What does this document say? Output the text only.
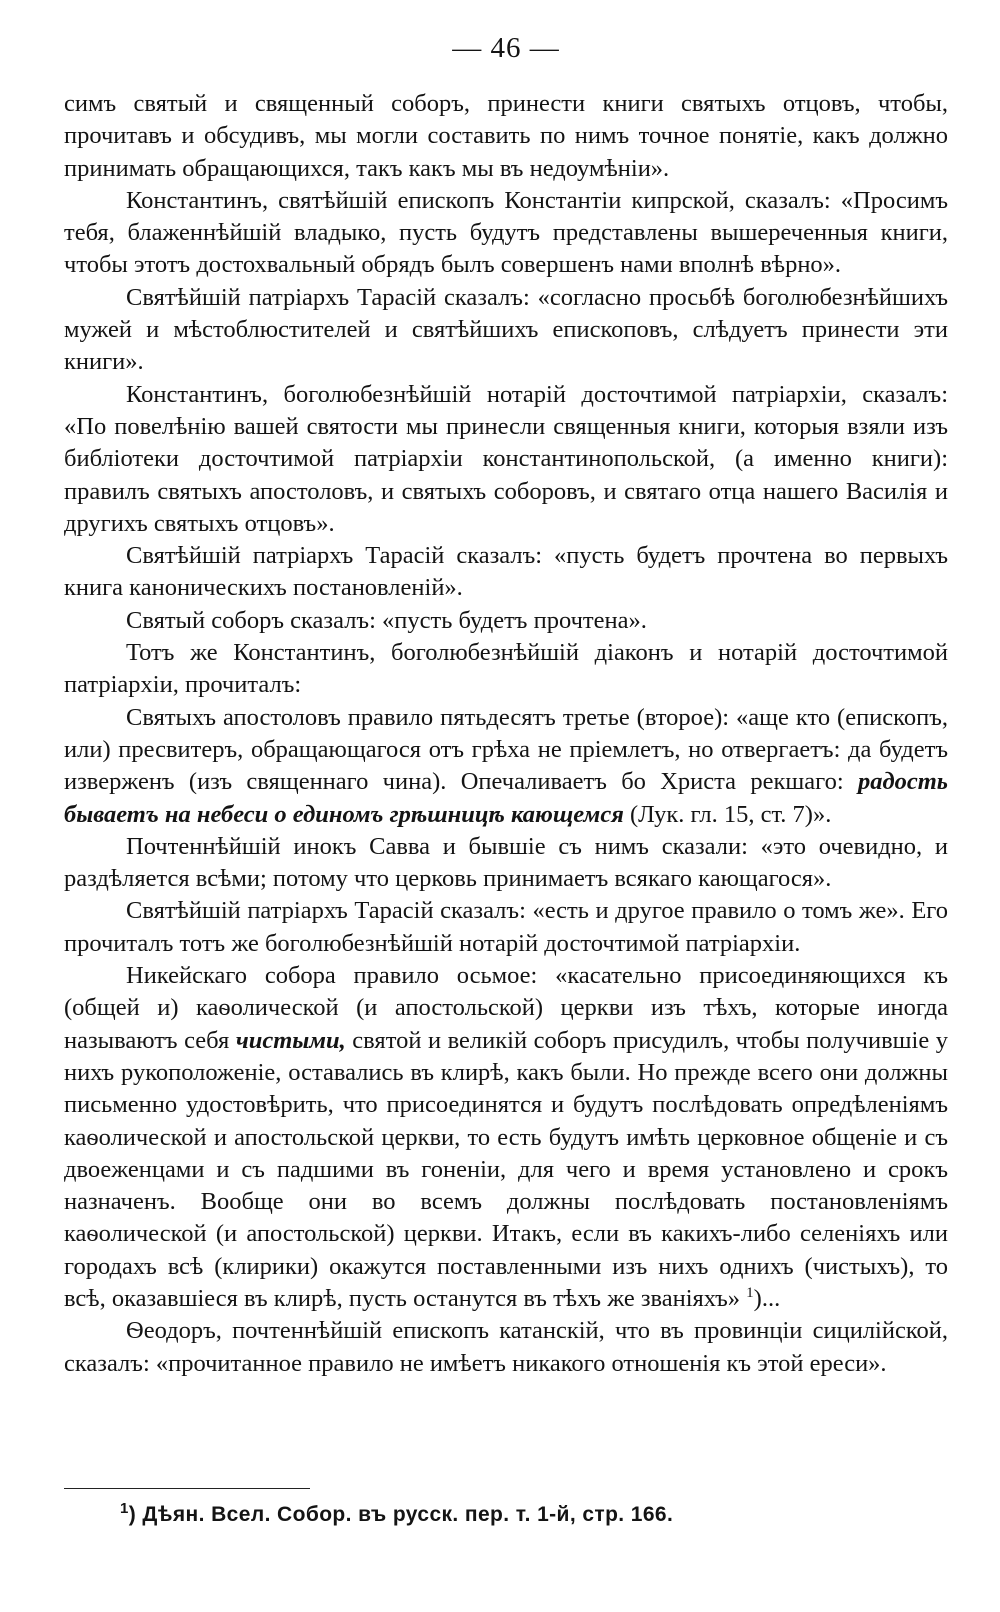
— 46 —

симъ святый и священный соборъ, принести книги святыхъ отцовъ, чтобы, прочитавъ и обсудивъ, мы могли составить по нимъ точное понятіе, какъ должно принимать обращающихся, такъ какъ мы въ недоумѣніи».

Константинъ, святѣйшій епископъ Константіи кипрской, сказалъ: «Просимъ тебя, блаженнѣйшій владыко, пусть будутъ представлены вышереченныя книги, чтобы этотъ достохвальный обрядъ былъ совершенъ нами вполнѣ вѣрно».

Святѣйшій патріархъ Тарасій сказалъ: «согласно просьбѣ боголюбезнѣйшихъ мужей и мѣстоблюстителей и святѣйшихъ епископовъ, слѣдуетъ принести эти книги».

Константинъ, боголюбезнѣйшій нотарій досточтимой патріархіи, сказалъ: «По повелѣнію вашей святости мы принесли священныя книги, которыя взяли изъ библіотеки досточтимой патріархіи константинопольской, (а именно книги): правилъ святыхъ апостоловъ, и святыхъ соборовъ, и святаго отца нашего Василія и другихъ святыхъ отцовъ».

Святѣйшій патріархъ Тарасій сказалъ: «пусть будетъ прочтена во первыхъ книга каноническихъ постановленій».

Святый соборъ сказалъ: «пусть будетъ прочтена».

Тотъ же Константинъ, боголюбезнѣйшій діаконъ и нотарій досточтимой патріархіи, прочиталъ:

Святыхъ апостоловъ правило пятьдесятъ третье (второе): «аще кто (епископъ, или) пресвитеръ, обращающагося отъ грѣха не пріемлетъ, но отвергаетъ: да будетъ изверженъ (изъ священнаго чина). Опечаливаетъ бо Христа рекшаго: радость бываетъ на небеси о единомъ грѣшницѣ кающемся (Лук. гл. 15, ст. 7)».

Почтеннѣйшій инокъ Савва и бывшіе съ нимъ сказали: «это очевидно, и раздѣляется всѣми; потому что церковь принимаетъ всякаго кающагося».

Святѣйшій патріархъ Тарасій сказалъ: «есть и другое правило о томъ же». Его прочиталъ тотъ же боголюбезнѣйшій нотарій досточтимой патріархіи.

Никейскаго собора правило осьмое: «касательно присоединяющихся къ (общей и) каѳолической (и апостольской) церкви изъ тѣхъ, которые иногда называютъ себя чистыми, святой и великій соборъ присудилъ, чтобы получившіе у нихъ рукоположеніе, оставались въ клирѣ, какъ были. Но прежде всего они должны письменно удостовѣрить, что присоединятся и будутъ послѣдовать опредѣленіямъ каѳолической и апостольской церкви, то есть будутъ имѣть церковное общеніе и съ двоеженцами и съ падшими въ гоненіи, для чего и время установлено и срокъ назначенъ. Вообще они во всемъ должны послѣдовать постановленіямъ каѳолической (и апостольской) церкви. Итакъ, если въ какихъ-либо селеніяхъ или городахъ всѣ (клирики) окажутся поставленными изъ нихъ однихъ (чистыхъ), то всѣ, оказавшіеся въ клирѣ, пусть останутся въ тѣхъ же званіяхъ» $^1$)...

Ѳеодоръ, почтеннѣйшій епископъ катанскій, что въ провинціи сицилійской, сказалъ: «прочитанное правило не имѣетъ никакого отношенія къ этой ереси».

$^1$) Дѣян. Всел. Собор. въ русск. пер. т. 1-й, стр. 166.
